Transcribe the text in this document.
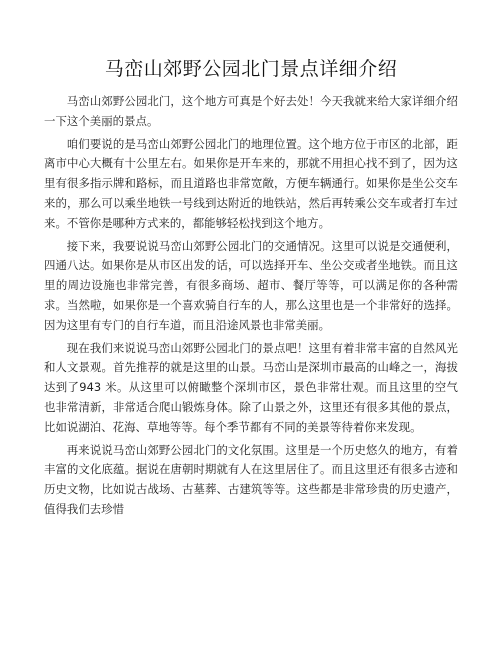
马峦山郊野公园北门景点详细介绍

马峦山郊野公园北门，这个地方可真是个好去处！今天我就来给大家详细介绍一下这个美丽的景点。

咱们要说的是马峦山郊野公园北门的地理位置。这个地方位于市区的北部，距离市中心大概有十公里左右。如果你是开车来的，那就不用担心找不到了，因为这里有很多指示牌和路标，而且道路也非常宽敞，方便车辆通行。如果你是坐公交车来的，那么可以乘坐地铁一号线到达附近的地铁站，然后再转乘公交车或者打车过来。不管你是哪种方式来的，都能够轻松找到这个地方。

接下来，我要说说马峦山郊野公园北门的交通情况。这里可以说是交通便利，四通八达。如果你是从市区出发的话，可以选择开车、坐公交或者坐地铁。而且这里的周边设施也非常完善，有很多商场、超市、餐厅等等，可以满足你的各种需求。当然啦，如果你是一个喜欢骑自行车的人，那么这里也是一个非常好的选择。因为这里有专门的自行车道，而且沿途风景也非常美丽。

现在我们来说说马峦山郊野公园北门的景点吧！这里有着非常丰富的自然风光和人文景观。首先推荐的就是这里的山景。马峦山是深圳市最高的山峰之一，海拔达到了943 米。从这里可以俯瞰整个深圳市区，景色非常壮观。而且这里的空气也非常清新，非常适合爬山锻炼身体。除了山景之外，这里还有很多其他的景点，比如说湖泊、花海、草地等等。每个季节都有不同的美景等待着你来发现。

再来说说马峦山郊野公园北门的文化氛围。这里是一个历史悠久的地方，有着丰富的文化底蕴。据说在唐朝时期就有人在这里居住了。而且这里还有很多古迹和历史文物，比如说古战场、古墓葬、古建筑等等。这些都是非常珍贵的历史遗产，值得我们去珍惜
